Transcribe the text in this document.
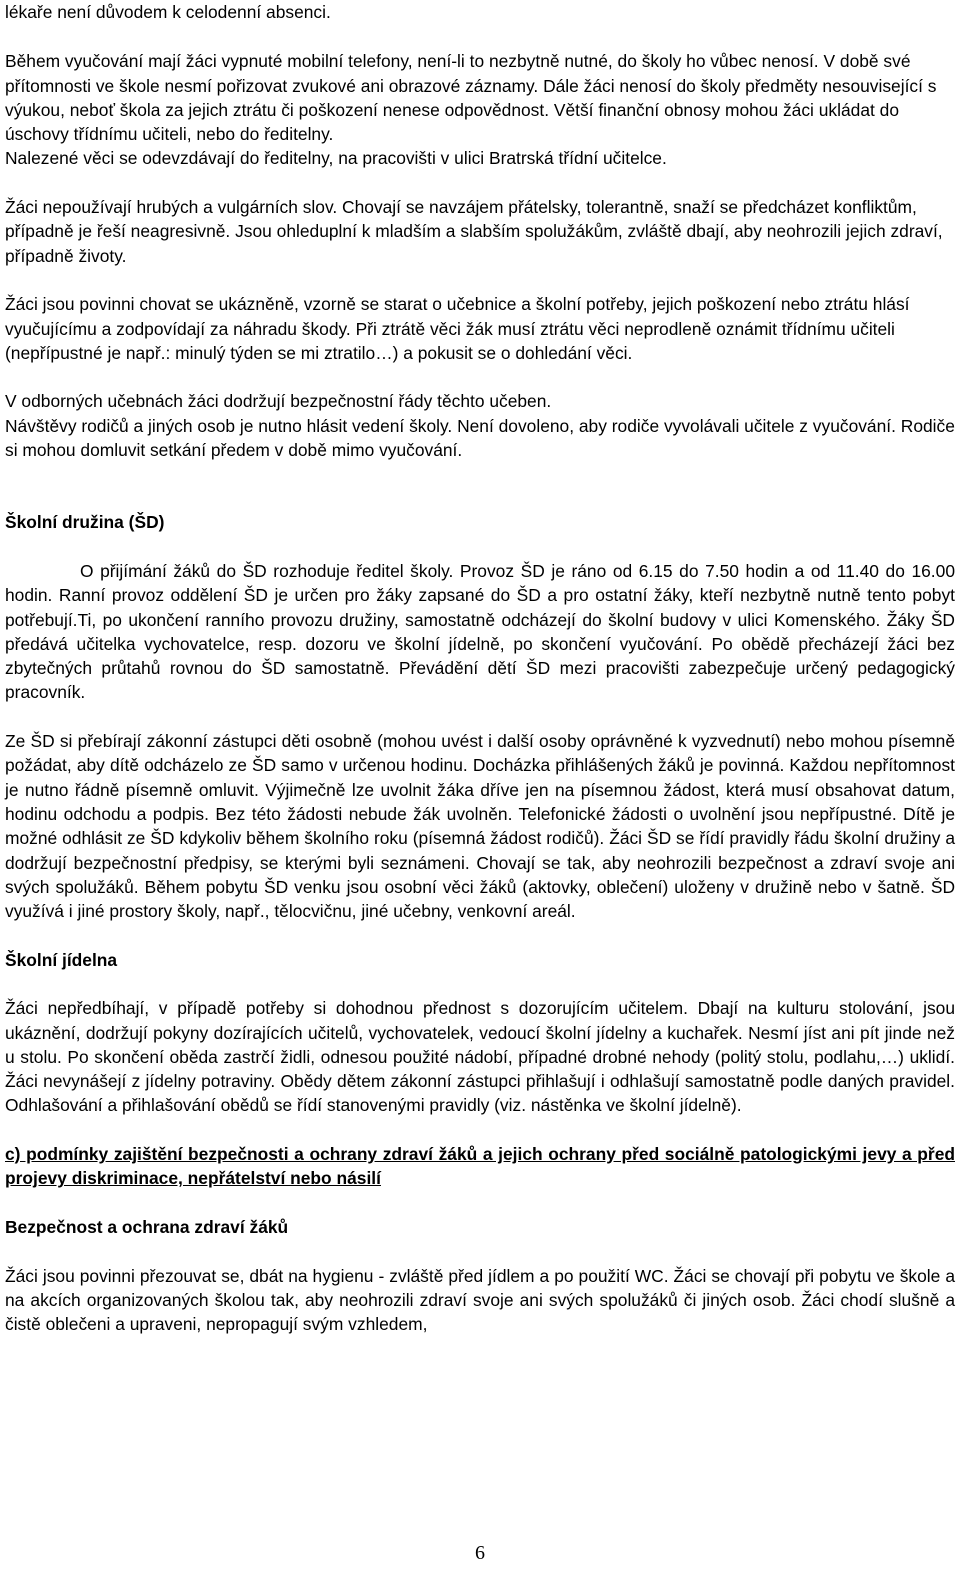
lékaře není důvodem k celodenní absenci.

Během vyučování mají žáci vypnuté mobilní telefony, není-li to nezbytně nutné, do školy ho vůbec nenosí. V době své přítomnosti ve škole nesmí pořizovat zvukové ani obrazové záznamy. Dále žáci nenosí do školy předměty nesouvisející s výukou, neboť škola za jejich ztrátu či poškození nenese odpovědnost. Větší finanční obnosy mohou žáci ukládat do úschovy třídnímu učiteli, nebo do ředitelny.

Nalezené věci se odevzdávají do ředitelny, na pracovišti v ulici Bratrská třídní učitelce.

Žáci nepoužívají hrubých a vulgárních slov. Chovají se navzájem přátelsky, tolerantně, snaží se předcházet konfliktům, případně je řeší neagresivně. Jsou ohleduplní k mladším a slabším spolužákům, zvláště dbají, aby neohrozili jejich zdraví, případně životy.

Žáci jsou povinni chovat se ukázněně, vzorně se starat o učebnice a školní potřeby, jejich poškození nebo ztrátu hlásí vyučujícímu a zodpovídají za náhradu škody. Při ztrátě věci žák musí ztrátu věci neprodleně oznámit třídnímu učiteli (nepřípustné je např.: minulý týden se mi ztratilo…) a pokusit se o dohledání věci.

V odborných učebnách žáci dodržují bezpečnostní řády těchto učeben.

Návštěvy rodičů a jiných osob je nutno hlásit vedení školy. Není dovoleno, aby rodiče vyvolávali učitele z vyučování. Rodiče si mohou domluvit setkání předem v době mimo vyučování.

Školní družina (ŠD)

O přijímání žáků do ŠD rozhoduje ředitel školy. Provoz ŠD je ráno od 6.15 do 7.50 hodin a od 11.40 do 16.00 hodin. Ranní provoz oddělení ŠD je určen pro žáky zapsané do ŠD a pro ostatní žáky, kteří nezbytně nutně tento pobyt potřebují.Ti, po ukončení ranního provozu družiny, samostatně odcházejí do školní budovy v ulici Komenského. Žáky ŠD předává učitelka vychovatelce, resp. dozoru ve školní jídelně, po skončení vyučování. Po obědě přecházejí žáci bez zbytečných průtahů rovnou do ŠD samostatně. Převádění dětí ŠD mezi pracovišti zabezpečuje určený pedagogický pracovník.

Ze ŠD si přebírají zákonní zástupci děti osobně (mohou uvést i další osoby oprávněné k vyzvednutí) nebo mohou písemně požádat, aby dítě odcházelo ze ŠD samo v určenou hodinu. Docházka přihlášených žáků je povinná. Každou nepřítomnost je nutno řádně písemně omluvit. Výjimečně lze uvolnit žáka dříve jen na písemnou žádost, která musí obsahovat datum, hodinu odchodu a podpis. Bez této žádosti nebude žák uvolněn. Telefonické žádosti o uvolnění jsou nepřípustné. Dítě je možné odhlásit ze ŠD kdykoliv během školního roku (písemná žádost rodičů). Žáci ŠD se řídí pravidly řádu školní družiny a dodržují bezpečnostní předpisy, se kterými byli seznámeni. Chovají se tak, aby neohrozili bezpečnost a zdraví svoje ani svých spolužáků. Během pobytu ŠD venku jsou osobní věci žáků (aktovky, oblečení) uloženy v družině nebo v šatně. ŠD využívá i jiné prostory školy, např., tělocvičnu, jiné učebny, venkovní areál.

Školní jídelna

Žáci nepředbíhají, v případě potřeby si dohodnou přednost s dozorujícím učitelem. Dbají na kulturu stolování, jsou ukáznění, dodržují pokyny dozírajících učitelů, vychovatelek, vedoucí školní jídelny a kuchařek. Nesmí jíst ani pít jinde než u stolu. Po skončení oběda zastrčí židli, odnesou použité nádobí, případné drobné nehody (politý stolu, podlahu,…) uklidí. Žáci nevynášejí z jídelny potraviny. Obědy dětem zákonní zástupci přihlašují i odhlašují samostatně podle daných pravidel. Odhlašování a přihlašování obědů se řídí stanovenými pravidly (viz. nástěnka ve školní jídelně).

c) podmínky zajištění bezpečnosti a ochrany zdraví žáků a jejich ochrany před sociálně patologickými jevy a před projevy diskriminace, nepřátelství nebo násilí
Bezpečnost a ochrana zdraví žáků

Žáci jsou povinni přezouvat se, dbát na hygienu - zvláště před jídlem a po použití WC. Žáci se chovají při pobytu ve škole a na akcích organizovaných školou tak, aby neohrozili zdraví svoje ani svých spolužáků či jiných osob. Žáci chodí slušně a čistě oblečeni a upraveni, nepropagují svým vzhledem,

6
